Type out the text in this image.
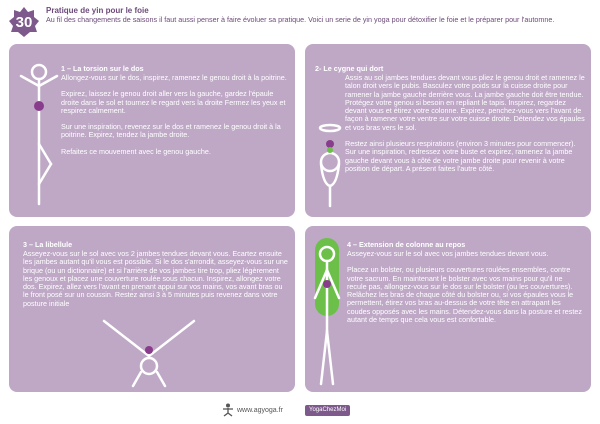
30
Pratique de yin pour le foie
Au fil des changements de saisons il faut aussi penser à faire évoluer sa pratique. Voici un serie de yin yoga pour détoxifier le foie et le préparer pour l'automne.
1 – La torsion sur le dos

Allongez-vous sur le dos, inspirez, ramenez le genou droit à la poitrine.

Expirez, laissez le genou droit aller vers la gauche, gardez l'épaule droite dans le sol et tournez le regard vers la droite Fermez les yeux et respirez calmement.

Sur une inspiration, revenez sur le dos et ramenez le genou droit à la poitrine. Expirez, tendez la jambe droite.

Refaites ce mouvement avec le genou gauche.

2- Le cygne qui dort

Assis au sol jambes tendues devant vous pliez le genou droit et ramenez le talon droit vers le pubis. Basculez votre poids sur la cuisse droite pour ramener la jambe gauche derrière vous. La jambe gauche doit être tendue. Protégez votre genou si besoin en repliant le tapis. Inspirez, regardez devant vous et étirez votre colonne. Expirez, penchez-vous vers l'avant de façon à ramener votre ventre sur votre cuisse droite. Détendez vos épaules et vos bras vers le sol.

Restez ainsi plusieurs respirations (environ 3 minutes pour commencer). Sur une inspiration, redressez votre buste et expirez, ramenez la jambe gauche devant vous à côté de votre jambe droite pour revenir à votre position de départ. A présent faites l'autre côté.

3 – La libellule

Asseyez-vous sur le sol avec vos 2 jambes tendues devant vous. Ecartez ensuite les jambes autant qu'il vous est possible. Si le dos s'arrondit, asseyez-vous sur une brique (ou un dictionnaire) et si l'arrière de vos jambes tire trop, pliez légèrement les genoux et placez une couverture roulée sous chacun. Inspirez, allongez votre dos. Expirez, allez vers l'avant en prenant appui sur vos mains, vos avant bras ou le front posé sur un coussin. Restez ainsi 3 à 5 minutes puis revenez dans votre posture initiale

4 – Extension de colonne au repos

Asseyez-vous sur le sol avec vos jambes tendues devant vous.

Placez un bolster, ou plusieurs couvertures roulées ensembles, contre votre sacrum. En maintenant le bolster avec vos mains pour qu'il ne recule pas, allongez-vous sur le dos sur le bolster (ou les couvertures). Relâchez les bras de chaque côté du bolster ou, si vos épaules vous le permettent, étirez vos bras au-dessus de votre tête en attrapant les coudes opposés avec les mains. Détendez-vous dans la posture et restez autant de temps que cela vous est confortable.

www.agyoga.fr	YogaChezMoi
